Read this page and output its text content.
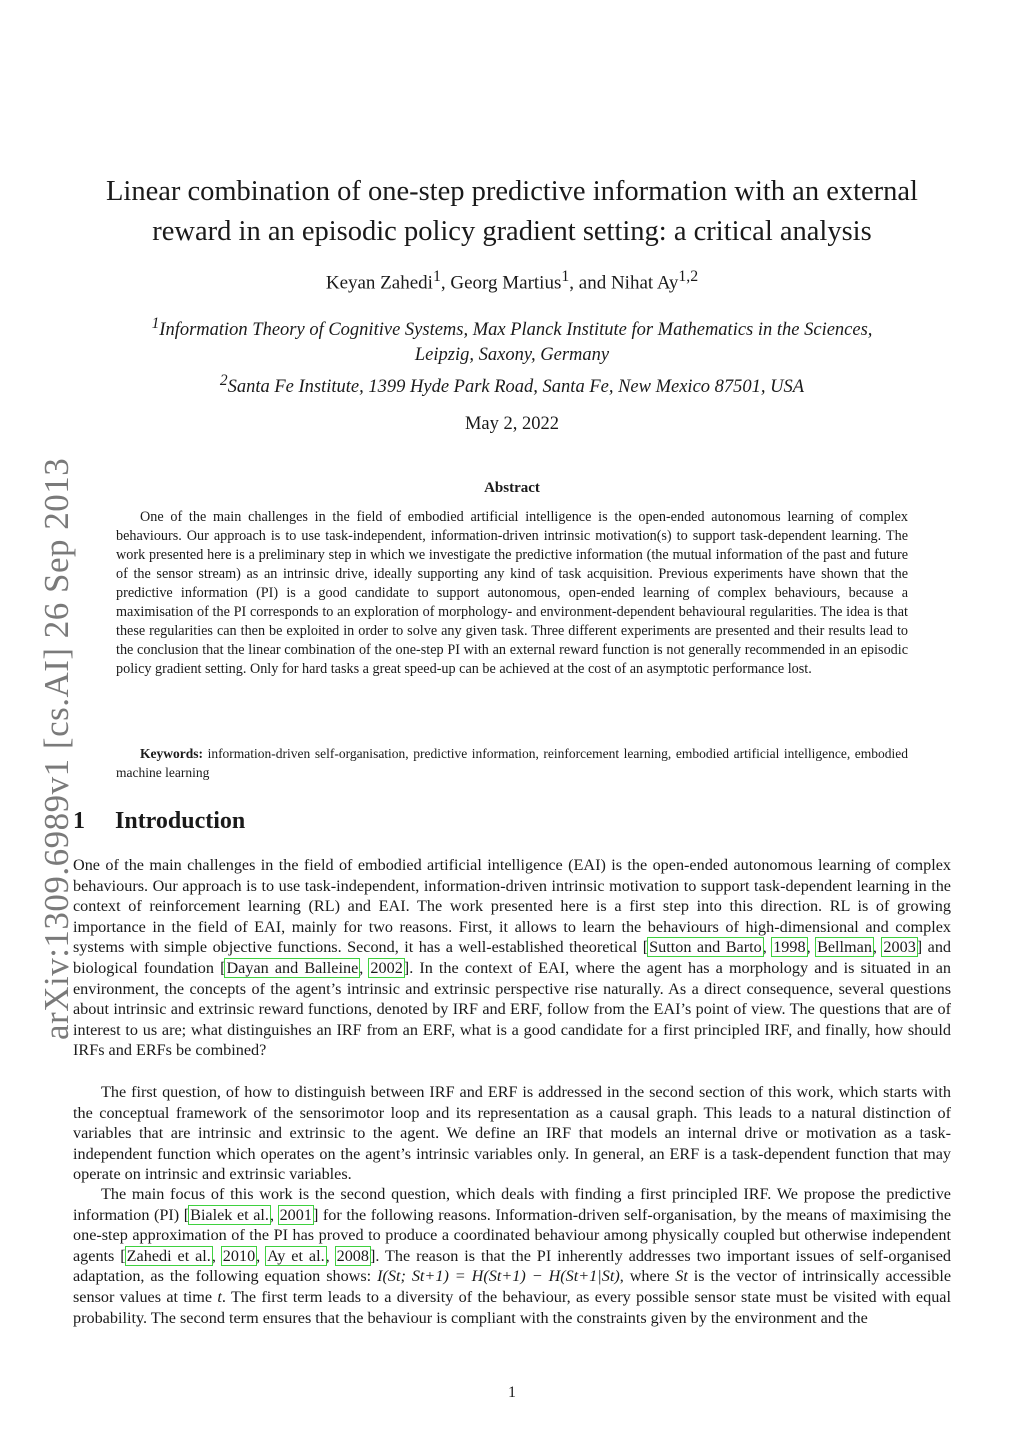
arXiv:1309.6989v1 [cs.AI] 26 Sep 2013
Linear combination of one-step predictive information with an external
reward in an episodic policy gradient setting: a critical analysis
Keyan Zahedi$^1$, Georg Martius$^1$, and Nihat Ay$^{1,2}$
$^1$Information Theory of Cognitive Systems, Max Planck Institute for Mathematics in the Sciences,
Leipzig, Saxony, Germany
$^2$Santa Fe Institute, 1399 Hyde Park Road, Santa Fe, New Mexico 87501, USA
May 2, 2022
Abstract
One of the main challenges in the field of embodied artificial intelligence is the open-ended autonomous learning of complex behaviours. Our approach is to use task-independent, information-driven intrinsic motivation(s) to support task-dependent learning. The work presented here is a preliminary step in which we investigate the predictive information (the mutual information of the past and future of the sensor stream) as an intrinsic drive, ideally supporting any kind of task acquisition. Previous experiments have shown that the predictive information (PI) is a good candidate to support autonomous, open-ended learning of complex behaviours, because a maximisation of the PI corresponds to an exploration of morphology- and environment-dependent behavioural regularities. The idea is that these regularities can then be exploited in order to solve any given task. Three different experiments are presented and their results lead to the conclusion that the linear combination of the one-step PI with an external reward function is not generally recommended in an episodic policy gradient setting. Only for hard tasks a great speed-up can be achieved at the cost of an asymptotic performance lost.
Keywords: information-driven self-organisation, predictive information, reinforcement learning, embodied artificial intelligence, embodied machine learning
1 Introduction
One of the main challenges in the field of embodied artificial intelligence (EAI) is the open-ended autonomous learning of complex behaviours. Our approach is to use task-independent, information-driven intrinsic motivation to support task-dependent learning in the context of reinforcement learning (RL) and EAI. The work presented here is a first step into this direction. RL is of growing importance in the field of EAI, mainly for two reasons. First, it allows to learn the behaviours of high-dimensional and complex systems with simple objective functions. Second, it has a well-established theoretical [Sutton and Barto, 1998, Bellman, 2003] and biological foundation [Dayan and Balleine, 2002]. In the context of EAI, where the agent has a morphology and is situated in an environment, the concepts of the agent’s intrinsic and extrinsic perspective rise naturally. As a direct consequence, several questions about intrinsic and extrinsic reward functions, denoted by IRF and ERF, follow from the EAI’s point of view. The questions that are of interest to us are; what distinguishes an IRF from an ERF, what is a good candidate for a first principled IRF, and finally, how should IRFs and ERFs be combined?
The first question, of how to distinguish between IRF and ERF is addressed in the second section of this work, which starts with the conceptual framework of the sensorimotor loop and its representation as a causal graph. This leads to a natural distinction of variables that are intrinsic and extrinsic to the agent. We define an IRF that models an internal drive or motivation as a task-independent function which operates on the agent’s intrinsic variables only. In general, an ERF is a task-dependent function that may operate on intrinsic and extrinsic variables.
The main focus of this work is the second question, which deals with finding a first principled IRF. We propose the predictive information (PI) [Bialek et al., 2001] for the following reasons. Information-driven self-organisation, by the means of maximising the one-step approximation of the PI has proved to produce a coordinated behaviour among physically coupled but otherwise independent agents [Zahedi et al., 2010, Ay et al., 2008]. The reason is that the PI inherently addresses two important issues of self-organised adaptation, as the following equation shows: I(St; St+1) = H(St+1) − H(St+1|St), where St is the vector of intrinsically accessible sensor values at time t. The first term leads to a diversity of the behaviour, as every possible sensor state must be visited with equal probability. The second term ensures that the behaviour is compliant with the constraints given by the environment and the
1
